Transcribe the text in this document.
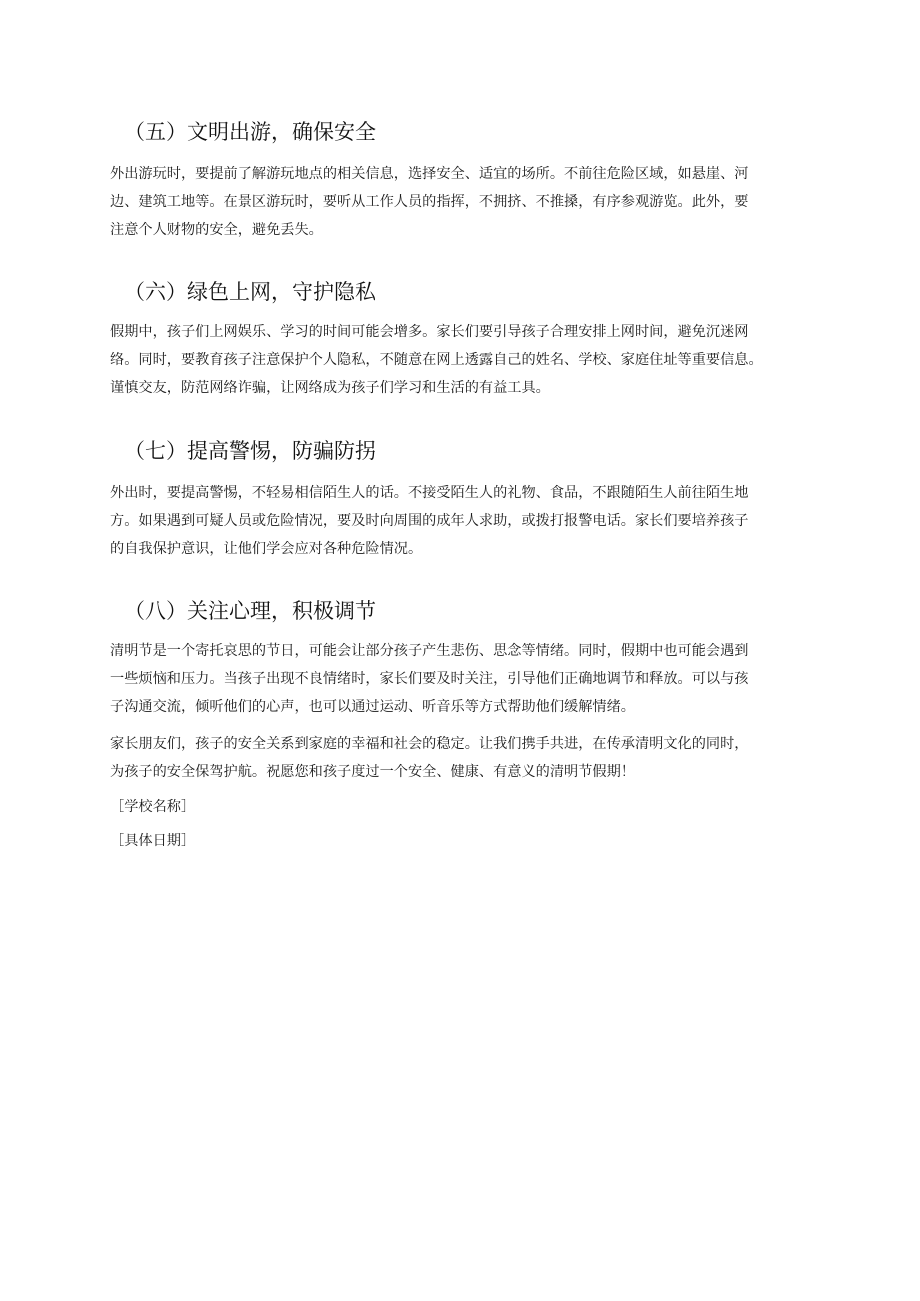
（五）文明出游，确保安全
外出游玩时，要提前了解游玩地点的相关信息，选择安全、适宜的场所。不前往危险区域，如悬崖、河
边、建筑工地等。在景区游玩时，要听从工作人员的指挥，不拥挤、不推搡，有序参观游览。此外，要
注意个人财物的安全，避免丢失。
（六）绿色上网，守护隐私
假期中，孩子们上网娱乐、学习的时间可能会增多。家长们要引导孩子合理安排上网时间，避免沉迷网
络。同时，要教育孩子注意保护个人隐私，不随意在网上透露自己的姓名、学校、家庭住址等重要信息。
谨慎交友，防范网络诈骗，让网络成为孩子们学习和生活的有益工具。
（七）提高警惕，防骗防拐
外出时，要提高警惕，不轻易相信陌生人的话。不接受陌生人的礼物、食品，不跟随陌生人前往陌生地
方。如果遇到可疑人员或危险情况，要及时向周围的成年人求助，或拨打报警电话。家长们要培养孩子
的自我保护意识，让他们学会应对各种危险情况。
（八）关注心理，积极调节
清明节是一个寄托哀思的节日，可能会让部分孩子产生悲伤、思念等情绪。同时，假期中也可能会遇到
一些烦恼和压力。当孩子出现不良情绪时，家长们要及时关注，引导他们正确地调节和释放。可以与孩
子沟通交流，倾听他们的心声，也可以通过运动、听音乐等方式帮助他们缓解情绪。
家长朋友们，孩子的安全关系到家庭的幸福和社会的稳定。让我们携手共进，在传承清明文化的同时，
为孩子的安全保驾护航。祝愿您和孩子度过一个安全、健康、有意义的清明节假期！
［学校名称］
［具体日期］
